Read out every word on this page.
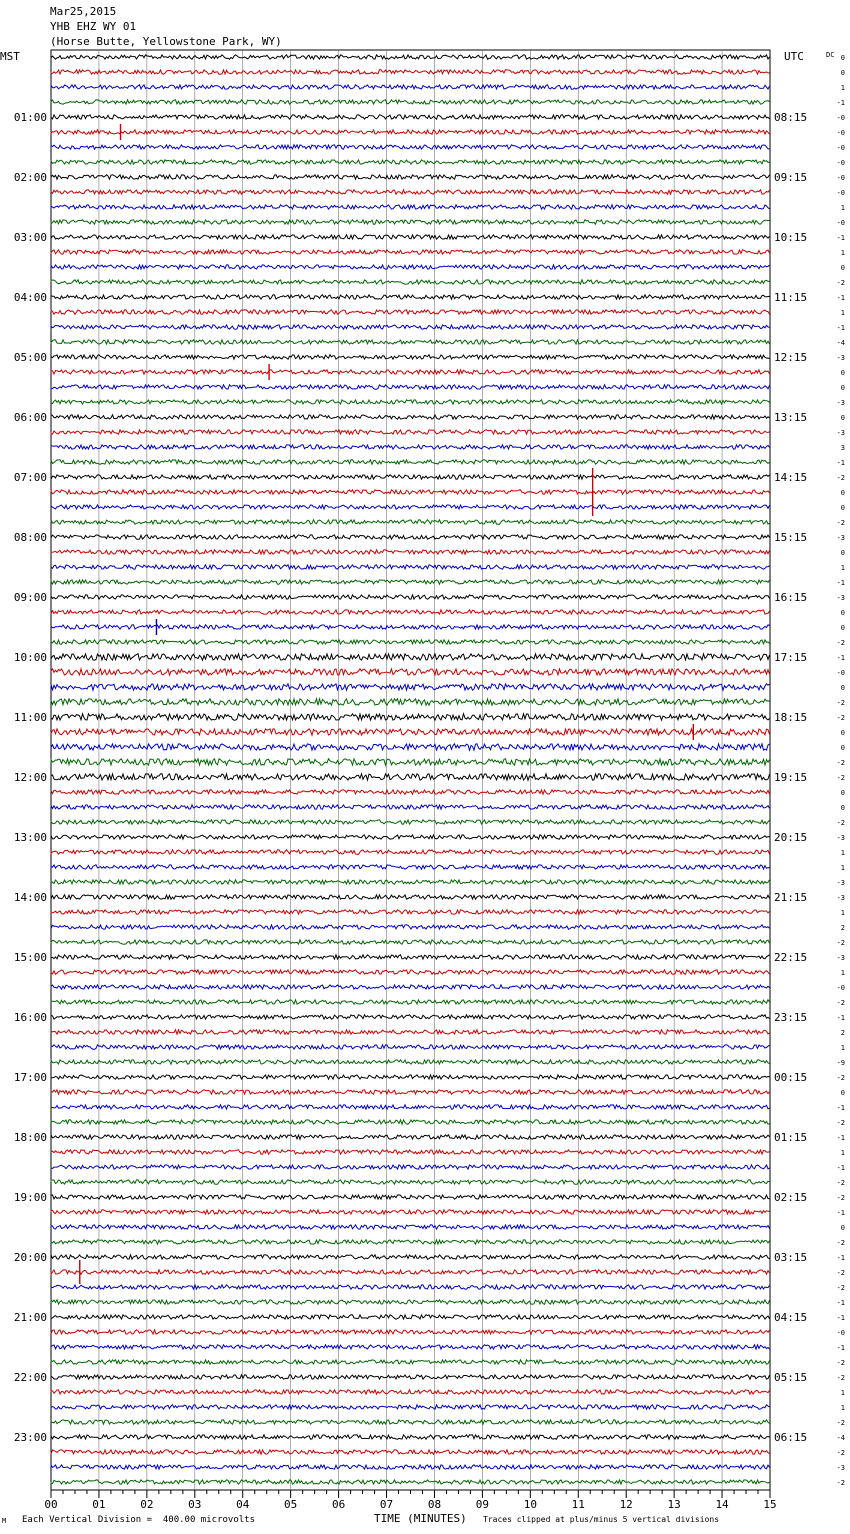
Mar25,2015
YHB EHZ WY 01
(Horse Butte, Yellowstone Park, WY)
0
0
1
-1
-0
-0
-0
-0
-0
-0
1
-0
-1
1
0
-2
-1
1
-1
-4
-3
0
0
-3
0
-3
3
-1
-2
0
0
-2
-3
0
1
-1
-3
0
0
-2
-1
-0
0
-2
-2
0
0
-2
-2
0
0
-2
-3
1
1
-3
-3
1
2
-2
-3
1
-0
-2
-1
2
1
-9
-2
0
-1
-2
-1
1
-1
-2
-2
-1
0
-2
-1
-2
-2
-1
-1
-0
-1
-2
-2
1
1
-2
-4
-2
-3
-2
01:00
02:00
03:00
04:00
05:00
06:00
07:00
08:00
09:00
10:00
11:00
12:00
13:00
14:00
15:00
16:00
17:00
18:00
19:00
20:00
21:00
22:00
23:00
08:15
09:15
10:15
11:15
12:15
13:15
14:15
15:15
16:15
17:15
18:15
19:15
20:15
21:15
22:15
23:15
00:15
01:15
02:15
03:15
04:15
05:15
06:15
MST	UTC	DC
00	01	02	03	04	05	06	07	08	09	10	11	12	13	14	15
M Each Vertical Division =  400.00 microvolts	TIME (MINUTES) Traces clipped at plus/minus 5 vertical divisions
